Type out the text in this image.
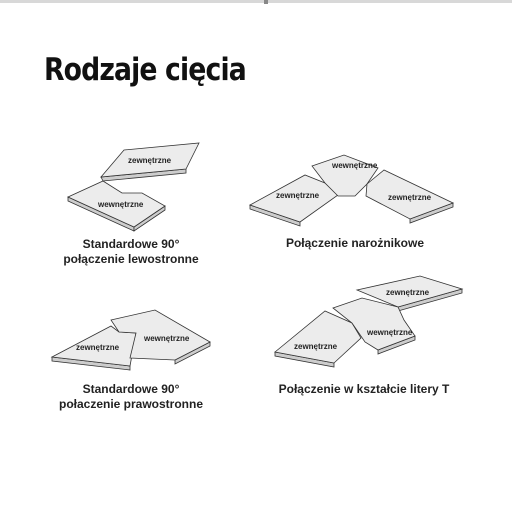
Rodzaje cięcia
zewnętrzne
wewnętrzne
wewnętrzne
zewnętrzne	zewnętrzne
zewnętrzne
wewnętrzne
zewnętrzne
zewnętrzne
wewnętrzne
Standardowe 90°
połączenie lewostronne
Połączenie narożnikowe
Standardowe 90°
połaczenie prawostronne
Połączenie w kształcie litery T
